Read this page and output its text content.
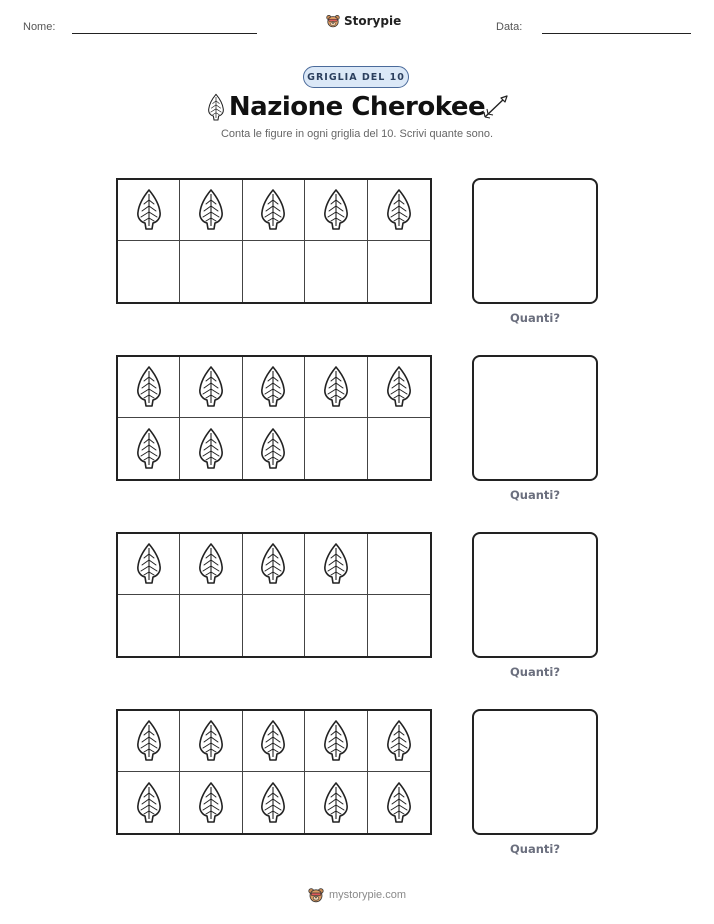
Nome:	Storypie	Data:
GRIGLIA DEL 10
Nazione Cherokee
Conta le figure in ogni griglia del 10. Scrivi quante sono.
Quanti?
Quanti?
Quanti?
Quanti?
mystorypie.com
